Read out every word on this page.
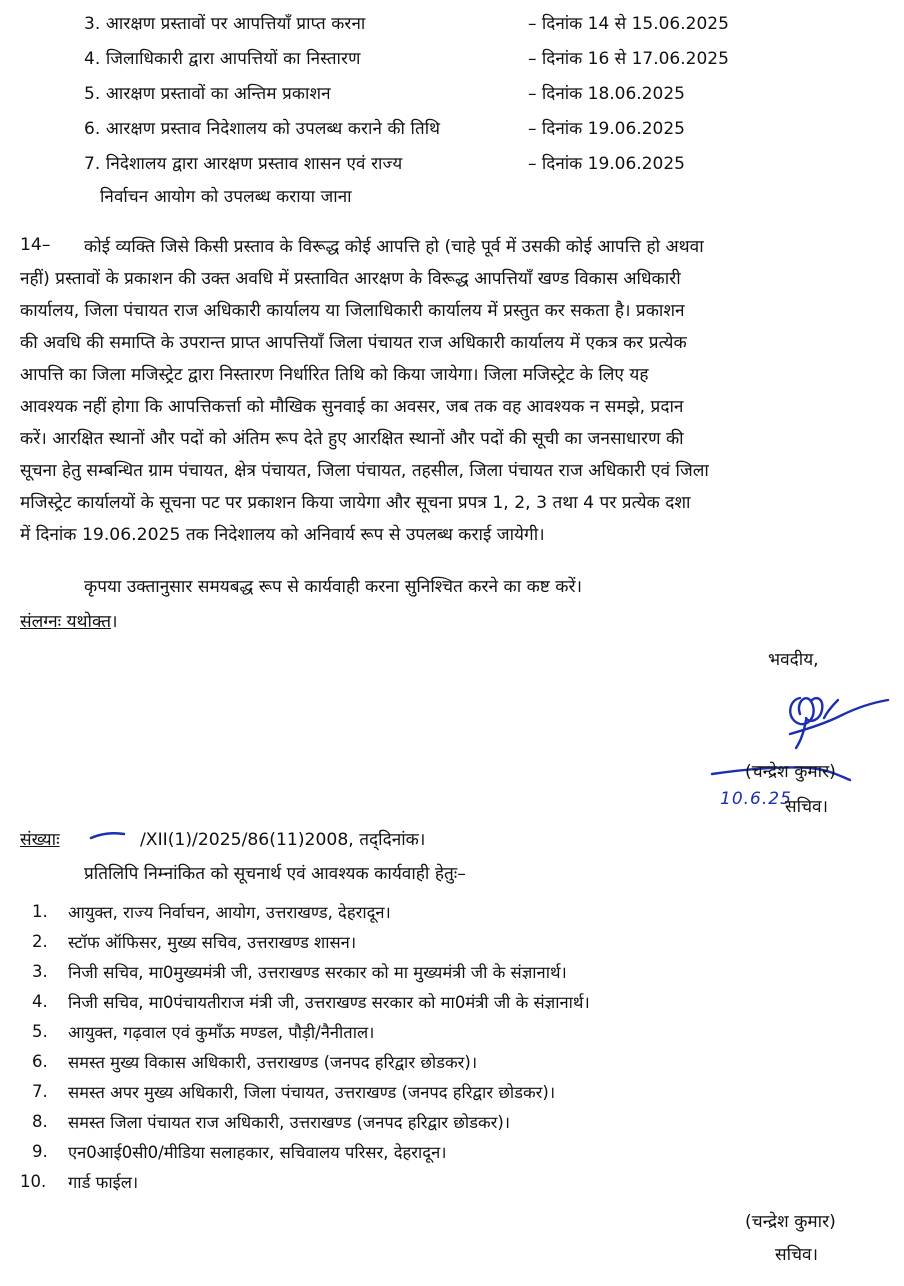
3. आरक्षण प्रस्तावों पर आपत्तियाँ प्राप्त करना	– दिनांक 14 से 15.06.2025
4. जिलाधिकारी द्वारा आपत्तियों का निस्तारण	– दिनांक 16 से 17.06.2025
5. आरक्षण प्रस्तावों का अन्तिम प्रकाशन	– दिनांक 18.06.2025
6. आरक्षण प्रस्ताव निदेशालय को उपलब्ध कराने की तिथि	– दिनांक 19.06.2025
7. निदेशालय द्वारा आरक्षण प्रस्ताव शासन एवं राज्य	– दिनांक 19.06.2025
निर्वाचन आयोग को उपलब्ध कराया जाना
14– कोई व्यक्ति जिसे किसी प्रस्ताव के विरूद्ध कोई आपत्ति हो (चाहे पूर्व में उसकी कोई आपत्ति हो अथवा
नहीं) प्रस्तावों के प्रकाशन की उक्त अवधि में प्रस्तावित आरक्षण के विरूद्ध आपत्तियाँ खण्ड विकास अधिकारी
कार्यालय, जिला पंचायत राज अधिकारी कार्यालय या जिलाधिकारी कार्यालय में प्रस्तुत कर सकता है। प्रकाशन
की अवधि की समाप्ति के उपरान्त प्राप्त आपत्तियाँ जिला पंचायत राज अधिकारी कार्यालय में एकत्र कर प्रत्येक
आपत्ति का जिला मजिस्ट्रेट द्वारा निस्तारण निर्धारित तिथि को किया जायेगा। जिला मजिस्ट्रेट के लिए यह
आवश्यक नहीं होगा कि आपत्तिकर्त्ता को मौखिक सुनवाई का अवसर, जब तक वह आवश्यक न समझे, प्रदान
करें। आरक्षित स्थानों और पदों को अंतिम रूप देते हुए आरक्षित स्थानों और पदों की सूची का जनसाधारण की
सूचना हेतु सम्बन्धित ग्राम पंचायत, क्षेत्र पंचायत, जिला पंचायत, तहसील, जिला पंचायत राज अधिकारी एवं जिला
मजिस्ट्रेट कार्यालयों के सूचना पट पर प्रकाशन किया जायेगा और सूचना प्रपत्र 1, 2, 3 तथा 4 पर प्रत्येक दशा
में दिनांक 19.06.2025 तक निदेशालय को अनिवार्य रूप से उपलब्ध कराई जायेगी।
कृपया उक्तानुसार समयबद्ध रूप से कार्यवाही करना सुनिश्चित करने का कष्ट करें।
संलग्नः यथोक्त।
भवदीय,
(चन्द्रेश कुमार)
10.6.25
सचिव।
संख्याः	/XII(1)/2025/86(11)2008, तद्‌दिनांक।
प्रतिलिपि निम्नांकित को सूचनार्थ एवं आवश्यक कार्यवाही हेतुः–
1. आयुक्त, राज्य निर्वाचन, आयोग, उत्तराखण्ड, देहरादून।
2. स्टॉफ ऑफिसर, मुख्य सचिव, उत्तराखण्ड शासन।
3. निजी सचिव, मा0मुख्यमंत्री जी, उत्तराखण्ड सरकार को मा मुख्यमंत्री जी के संज्ञानार्थ।
4. निजी सचिव, मा0पंचायतीराज मंत्री जी, उत्तराखण्ड सरकार को मा0मंत्री जी के संज्ञानार्थ।
5. आयुक्त, गढ़वाल एवं कुमाँऊ मण्डल, पौड़ी/नैनीताल।
6. समस्त मुख्य विकास अधिकारी, उत्तराखण्ड (जनपद हरिद्वार छोडकर)।
7. समस्त अपर मुख्य अधिकारी, जिला पंचायत, उत्तराखण्ड (जनपद हरिद्वार छोडकर)।
8. समस्त जिला पंचायत राज अधिकारी, उत्तराखण्ड (जनपद हरिद्वार छोडकर)।
9. एन0आई0सी0/मीडिया सलाहकार, सचिवालय परिसर, देहरादून।
10. गार्ड फाईल।
(चन्द्रेश कुमार)
सचिव।
